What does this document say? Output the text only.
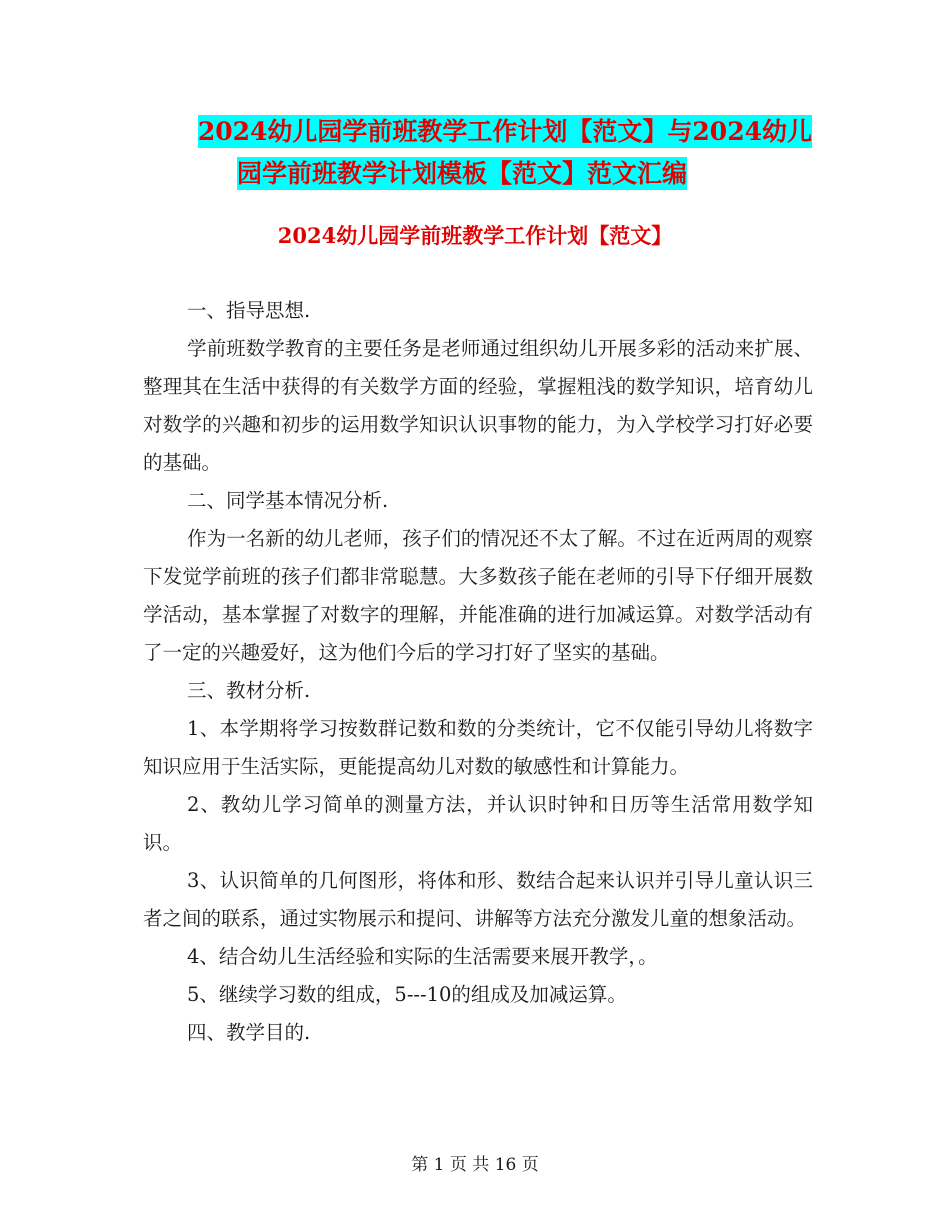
2024幼儿园学前班教学工作计划【范文】与2024幼儿
园学前班教学计划模板【范文】范文汇编
2024幼儿园学前班教学工作计划【范文】

一、指导思想.

学前班数学教育的主要任务是老师通过组织幼儿开展多彩的活动来扩展、整理其在生活中获得的有关数学方面的经验，掌握粗浅的数学知识，培育幼儿对数学的兴趣和初步的运用数学知识认识事物的能力，为入学校学习打好必要的基础。

二、同学基本情况分析.

作为一名新的幼儿老师，孩子们的情况还不太了解。不过在近两周的观察下发觉学前班的孩子们都非常聪慧。大多数孩子能在老师的引导下仔细开展数学活动，基本掌握了对数字的理解，并能准确的进行加减运算。对数学活动有了一定的兴趣爱好，这为他们今后的学习打好了坚实的基础。

三、教材分析.

1、本学期将学习按数群记数和数的分类统计，它不仅能引导幼儿将数字知识应用于生活实际，更能提高幼儿对数的敏感性和计算能力。

2、教幼儿学习简单的测量方法，并认识时钟和日历等生活常用数学知识。

3、认识简单的几何图形，将体和形、数结合起来认识并引导儿童认识三者之间的联系，通过实物展示和提问、讲解等方法充分激发儿童的想象活动。

4、结合幼儿生活经验和实际的生活需要来展开教学，。

5、继续学习数的组成，5---10的组成及加减运算。

四、教学目的.

第 1 页 共 16 页
